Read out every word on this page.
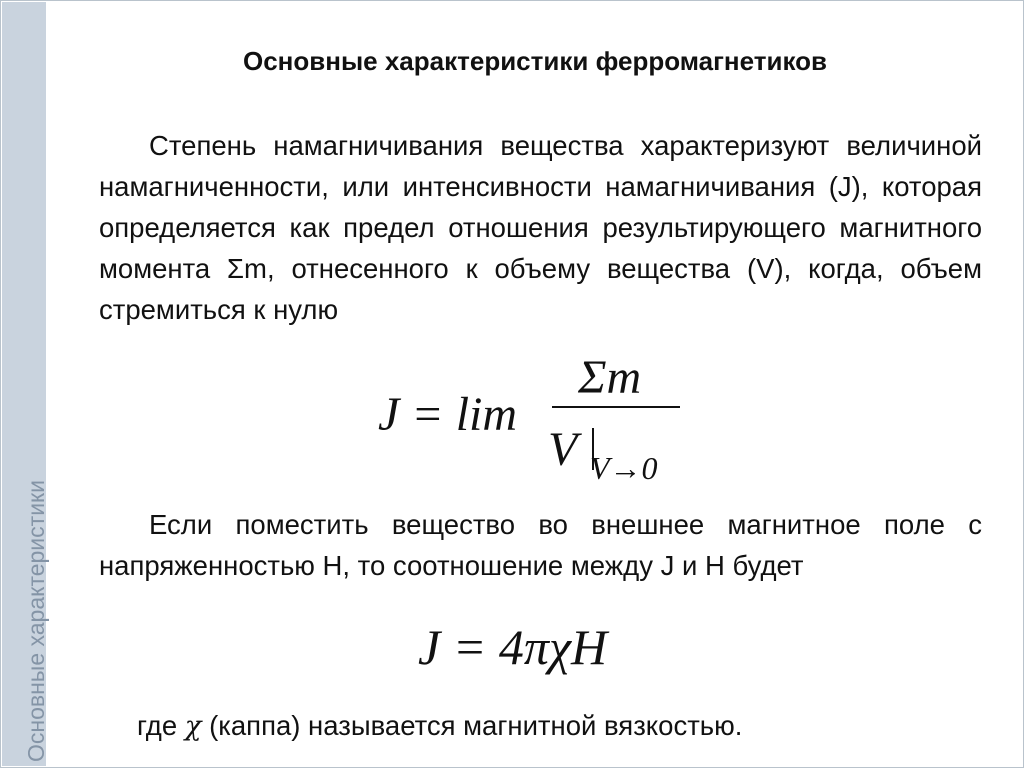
Основные характеристики
Основные характеристики ферромагнетиков
Степень намагничивания вещества характеризуют величиной намагниченности, или интенсивности намагничивания (J), которая определяется как предел отношения результирующего магнитного момента Σm, отнесенного к объему вещества (V), когда, объем стремиться к нулю
J = lim
Σm
V V→0
Если поместить вещество во внешнее магнитное поле с напряженностью Н, то соотношение между J и Н будет
J = 4πχH
где χ (каппа) называется магнитной вязкостью.
